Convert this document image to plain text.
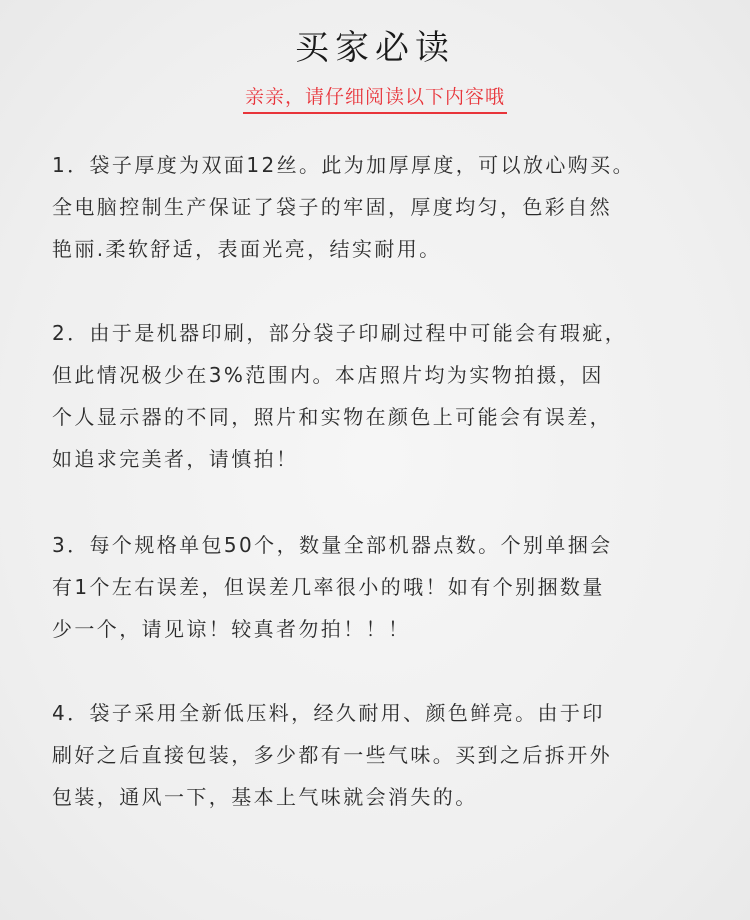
买家必读
亲亲，请仔细阅读以下内容哦
1．袋子厚度为双面12丝。此为加厚厚度，可以放心购买。
全电脑控制生产保证了袋子的牢固，厚度均匀，色彩自然
艳丽.柔软舒适，表面光亮，结实耐用。
2．由于是机器印刷，部分袋子印刷过程中可能会有瑕疵，
但此情况极少在3%范围内。本店照片均为实物拍摄，因
个人显示器的不同，照片和实物在颜色上可能会有误差，
如追求完美者，请慎拍！
3．每个规格单包50个，数量全部机器点数。个别单捆会
有1个左右误差，但误差几率很小的哦！如有个别捆数量
少一个，请见谅！较真者勿拍！！！
4．袋子采用全新低压料，经久耐用、颜色鲜亮。由于印
刷好之后直接包装，多少都有一些气味。买到之后拆开外
包装，通风一下，基本上气味就会消失的。
